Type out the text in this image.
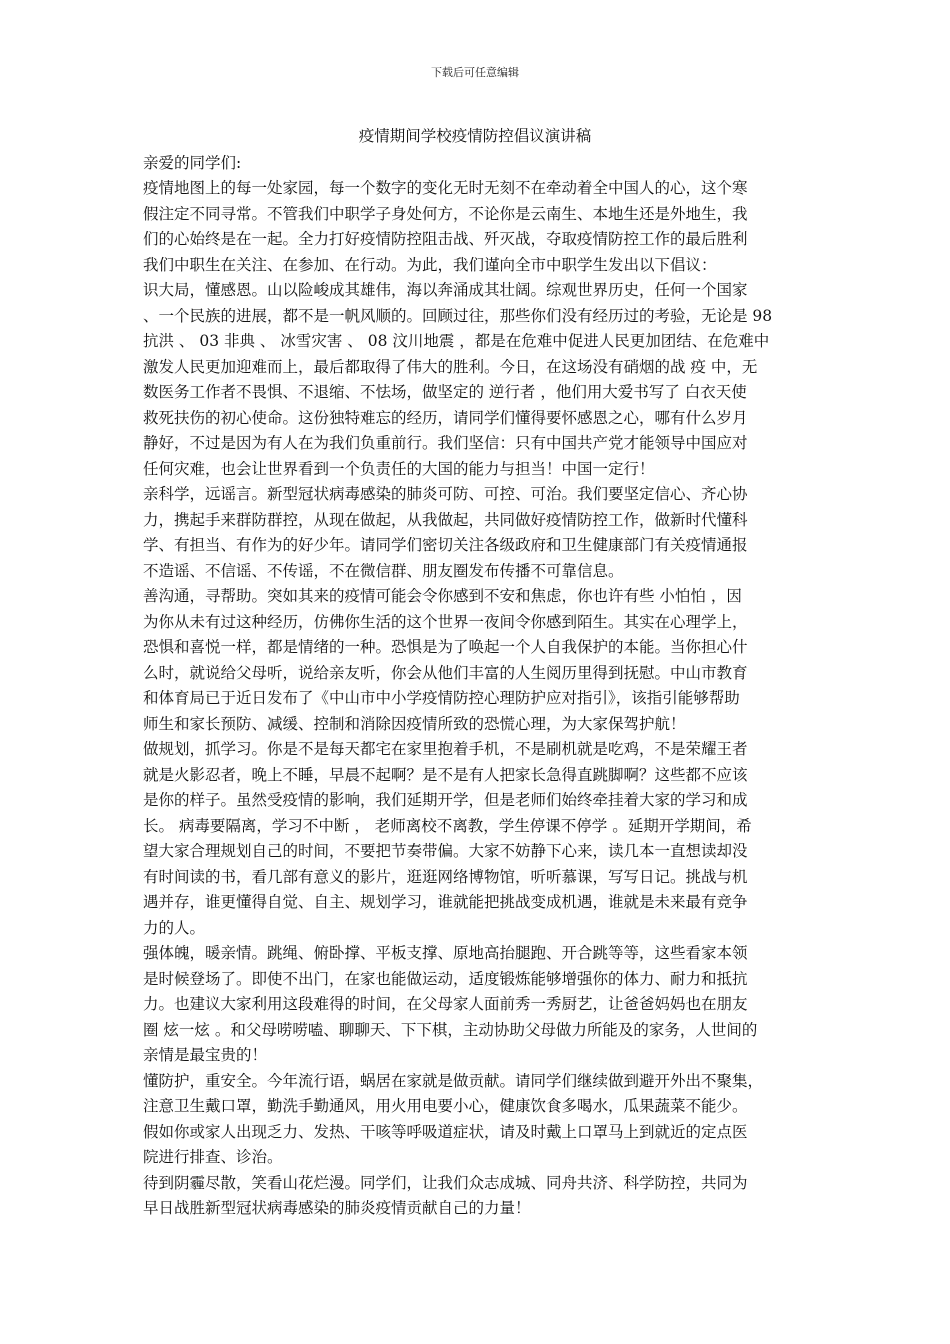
下载后可任意编辑
疫情期间学校疫情防控倡议演讲稿

亲爱的同学们:

疫情地图上的每一处家园，每一个数字的变化无时无刻不在牵动着全中国人的心，这个寒
假注定不同寻常。不管我们中职学子身处何方，不论你是云南生、本地生还是外地生，我
们的心始终是在一起。全力打好疫情防控阻击战、歼灭战，夺取疫情防控工作的最后胜利
我们中职生在关注、在参加、在行动。为此，我们谨向全市中职学生发出以下倡议：

识大局，懂感恩。山以险峻成其雄伟，海以奔涌成其壮阔。综观世界历史，任何一个国家
、一个民族的进展，都不是一帆风顺的。回顾过往，那些你们没有经历过的考验，无论是 98
抗洪 、 03 非典 、 冰雪灾害 、 08 汶川地震 ，都是在危难中促进人民更加团结、在危难中
激发人民更加迎难而上，最后都取得了伟大的胜利。今日，在这场没有硝烟的战 疫 中，无
数医务工作者不畏惧、不退缩、不怯场，做坚定的 逆行者 ，他们用大爱书写了 白衣天使
救死扶伤的初心使命。这份独特难忘的经历，请同学们懂得要怀感恩之心，哪有什么岁月
静好，不过是因为有人在为我们负重前行。我们坚信：只有中国共产党才能领导中国应对
任何灾难，也会让世界看到一个负责任的大国的能力与担当！中国一定行！

亲科学，远谣言。新型冠状病毒感染的肺炎可防、可控、可治。我们要坚定信心、齐心协
力，携起手来群防群控，从现在做起，从我做起，共同做好疫情防控工作，做新时代懂科
学、有担当、有作为的好少年。请同学们密切关注各级政府和卫生健康部门有关疫情通报
不造谣、不信谣、不传谣，不在微信群、朋友圈发布传播不可靠信息。

善沟通，寻帮助。突如其来的疫情可能会令你感到不安和焦虑，你也许有些 小怕怕 ，因
为你从未有过这种经历，仿佛你生活的这个世界一夜间令你感到陌生。其实在心理学上，
恐惧和喜悦一样，都是情绪的一种。恐惧是为了唤起一个人自我保护的本能。当你担心什
么时，就说给父母听，说给亲友听，你会从他们丰富的人生阅历里得到抚慰。中山市教育
和体育局已于近日发布了《中山市中小学疫情防控心理防护应对指引》，该指引能够帮助
师生和家长预防、减缓、控制和消除因疫情所致的恐慌心理，为大家保驾护航！

做规划，抓学习。你是不是每天都宅在家里抱着手机，不是刷机就是吃鸡，不是荣耀王者
就是火影忍者，晚上不睡，早晨不起啊？是不是有人把家长急得直跳脚啊？这些都不应该
是你的样子。虽然受疫情的影响，我们延期开学，但是老师们始终牵挂着大家的学习和成
长。 病毒要隔离，学习不中断 ， 老师离校不离教，学生停课不停学 。延期开学期间，希
望大家合理规划自己的时间，不要把节奏带偏。大家不妨静下心来，读几本一直想读却没
有时间读的书，看几部有意义的影片，逛逛网络博物馆，听听慕课，写写日记。挑战与机
遇并存，谁更懂得自觉、自主、规划学习，谁就能把挑战变成机遇，谁就是未来最有竞争
力的人。

强体魄，暖亲情。跳绳、俯卧撑、平板支撑、原地高抬腿跑、开合跳等等，这些看家本领
是时候登场了。即使不出门，在家也能做运动，适度锻炼能够增强你的体力、耐力和抵抗
力。也建议大家利用这段难得的时间，在父母家人面前秀一秀厨艺，让爸爸妈妈也在朋友
圈 炫一炫 。和父母唠唠嗑、聊聊天、下下棋，主动协助父母做力所能及的家务，人世间的
亲情是最宝贵的！

懂防护，重安全。今年流行语，蜗居在家就是做贡献。请同学们继续做到避开外出不聚集，
注意卫生戴口罩，勤洗手勤通风，用火用电要小心，健康饮食多喝水，瓜果蔬菜不能少。
假如你或家人出现乏力、发热、干咳等呼吸道症状，请及时戴上口罩马上到就近的定点医
院进行排查、诊治。

待到阴霾尽散，笑看山花烂漫。同学们，让我们众志成城、同舟共济、科学防控，共同为
早日战胜新型冠状病毒感染的肺炎疫情贡献自己的力量！
